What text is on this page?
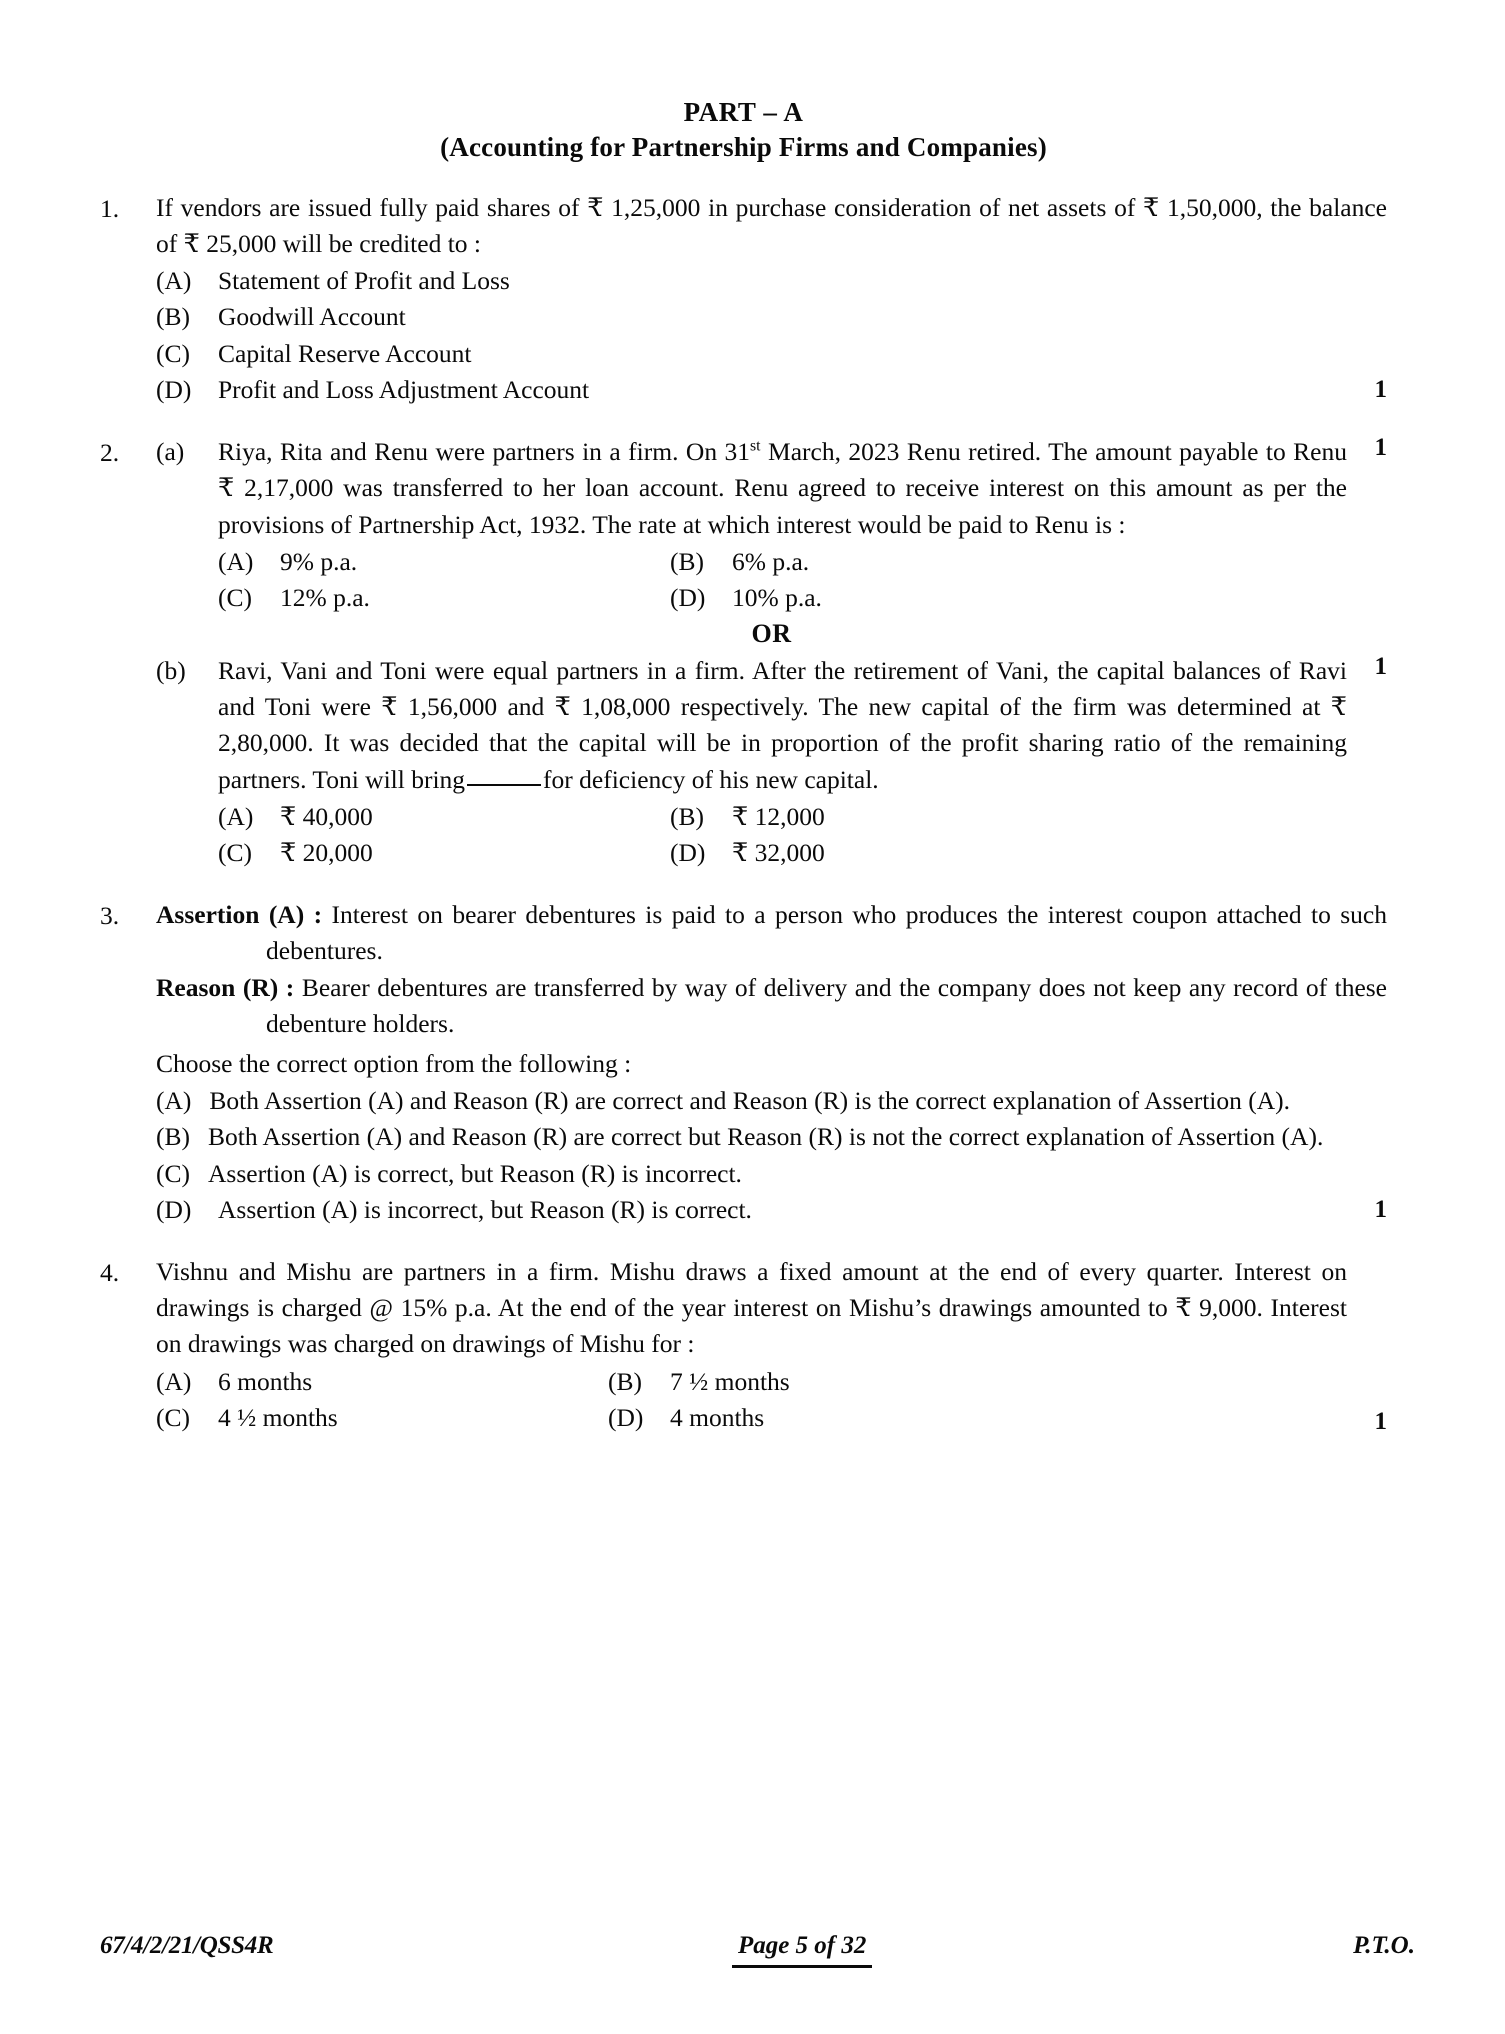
PART – A
(Accounting for Partnership Firms and Companies)
1.	If vendors are issued fully paid shares of ₹ 1,25,000 in purchase consideration of net assets of ₹ 1,50,000, the balance of ₹ 25,000 will be credited to :

(A)	Statement of Profit and Loss
(B)	Goodwill Account
(C)	Capital Reserve Account
(D)	Profit and Loss Adjustment Account	1
2.	(a)	Riya, Rita and Renu were partners in a firm. On 31st March, 2023 Renu retired. The amount payable to Renu ₹ 2,17,000 was transferred to her loan account. Renu agreed to receive interest on this amount as per the provisions of Partnership Act, 1932. The rate at which interest would be paid to Renu is :

(A)	9% p.a.	(B)	6% p.a.
(C)	12% p.a.	(D)	10% p.a.
1
OR
(b)	Ravi, Vani and Toni were equal partners in a firm. After the retirement of Vani, the capital balances of Ravi and Toni were ₹ 1,56,000 and ₹ 1,08,000 respectively. The new capital of the firm was determined at ₹ 2,80,000. It was decided that the capital will be in proportion of the profit sharing ratio of the remaining partners. Toni will bring	for deficiency of his new capital.

(A)	₹ 40,000	(B)	₹ 12,000
(C)	₹ 20,000	(D)	₹ 32,000
1
3.	Assertion (A) : Interest on bearer debentures is paid to a person who produces the interest coupon attached to such debentures.

Reason (R) : Bearer debentures are transferred by way of delivery and the company does not keep any record of these debenture holders.

Choose the correct option from the following :

(A) Both Assertion (A) and Reason (R) are correct and Reason (R) is the correct explanation of Assertion (A).

(B) Both Assertion (A) and Reason (R) are correct but Reason (R) is not the correct explanation of Assertion (A).

(C) Assertion (A) is correct, but Reason (R) is incorrect.

(D)	Assertion (A) is incorrect, but Reason (R) is correct.	1
4.	Vishnu and Mishu are partners in a firm. Mishu draws a fixed amount at the end of every quarter. Interest on drawings is charged @ 15% p.a. At the end of the year interest on Mishu’s drawings amounted to ₹ 9,000. Interest on drawings was charged on drawings of Mishu for :

(A)	6 months	(B)	7 ½ months
(C)	4 ½ months	(D)	4 months	1
67/4/2/21/QSS4R	Page 5 of 32	P.T.O.
